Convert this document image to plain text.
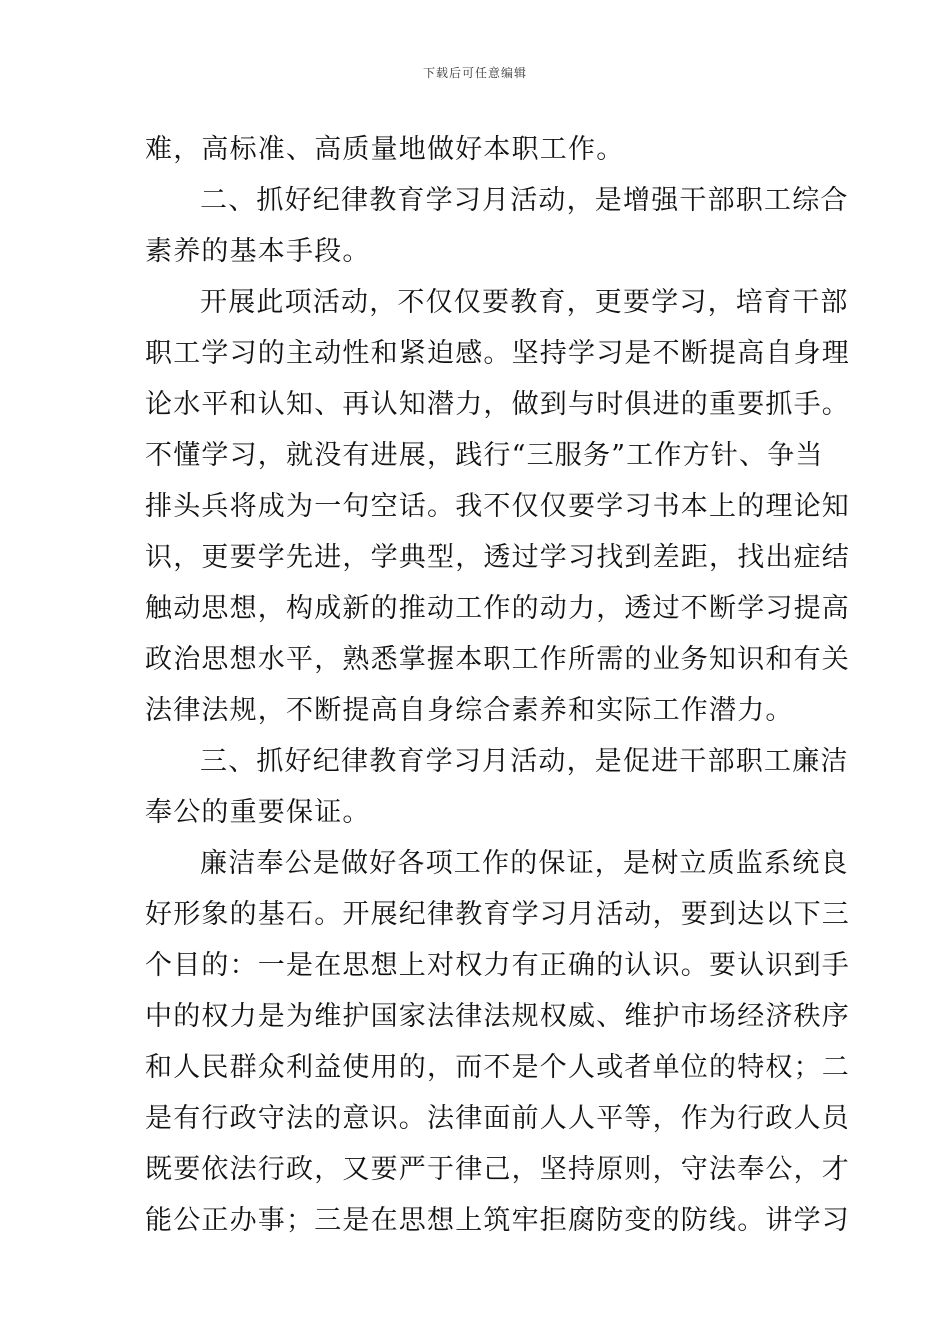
下载后可任意编辑
难，高标准、高质量地做好本职工作。
二、抓好纪律教育学习月活动，是增强干部职工综合
素养的基本手段。
开展此项活动，不仅仅要教育，更要学习，培育干部
职工学习的主动性和紧迫感。坚持学习是不断提高自身理
论水平和认知、再认知潜力，做到与时俱进的重要抓手。
不懂学习，就没有进展，践行“三服务”工作方针、争当
排头兵将成为一句空话。我不仅仅要学习书本上的理论知
识，更要学先进，学典型，透过学习找到差距，找出症结
触动思想，构成新的推动工作的动力，透过不断学习提高
政治思想水平，熟悉掌握本职工作所需的业务知识和有关
法律法规，不断提高自身综合素养和实际工作潜力。
三、抓好纪律教育学习月活动，是促进干部职工廉洁
奉公的重要保证。
廉洁奉公是做好各项工作的保证，是树立质监系统良
好形象的基石。开展纪律教育学习月活动，要到达以下三
个目的：一是在思想上对权力有正确的认识。要认识到手
中的权力是为维护国家法律法规权威、维护市场经济秩序
和人民群众利益使用的，而不是个人或者单位的特权；二
是有行政守法的意识。法律面前人人平等，作为行政人员
既要依法行政，又要严于律己，坚持原则，守法奉公，才
能公正办事；三是在思想上筑牢拒腐防变的防线。讲学习
